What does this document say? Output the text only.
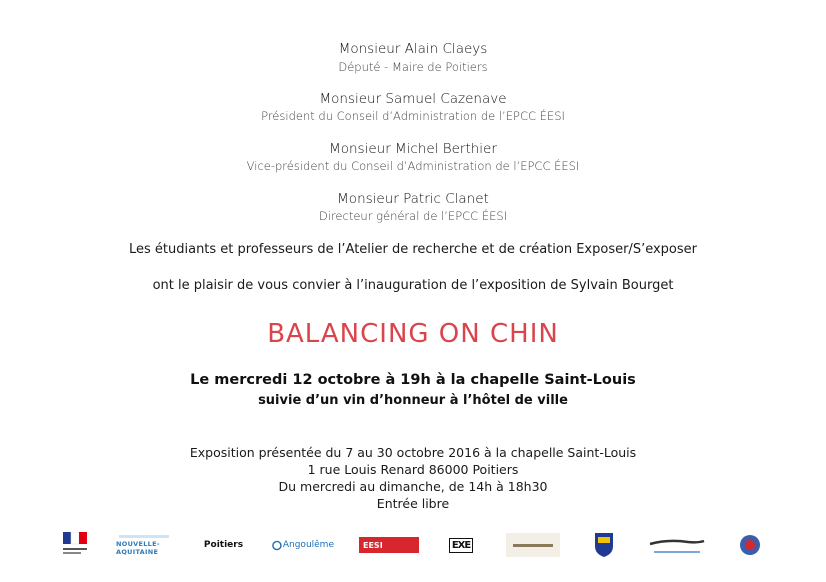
Monsieur Alain Claeys
Député - Maire de Poitiers
Monsieur Samuel Cazenave
Président du Conseil d’Administration de l’EPCC ÉESI
Monsieur Michel Berthier
Vice-président du Conseil d’Administration de l’EPCC ÉESI
Monsieur Patric Clanet
Directeur général de l’EPCC ÉESI
Les étudiants et professeurs de l’Atelier de recherche et de création Exposer/S’exposer
ont le plaisir de vous convier à l’inauguration de l’exposition de Sylvain Bourget
BALANCING ON CHIN
Le mercredi 12 octobre à 19h à la chapelle Saint-Louis
suivie d’un vin d’honneur à l’hôtel de ville
Exposition présentée du 7 au 30 octobre 2016 à la chapelle Saint-Louis
1 rue Louis Renard 86000 Poitiers
Du mercredi au dimanche, de 14h à 18h30
Entrée libre
NOUVELLE-AQUITAINE
Poitiers	Angoulême	EESI	EXE
